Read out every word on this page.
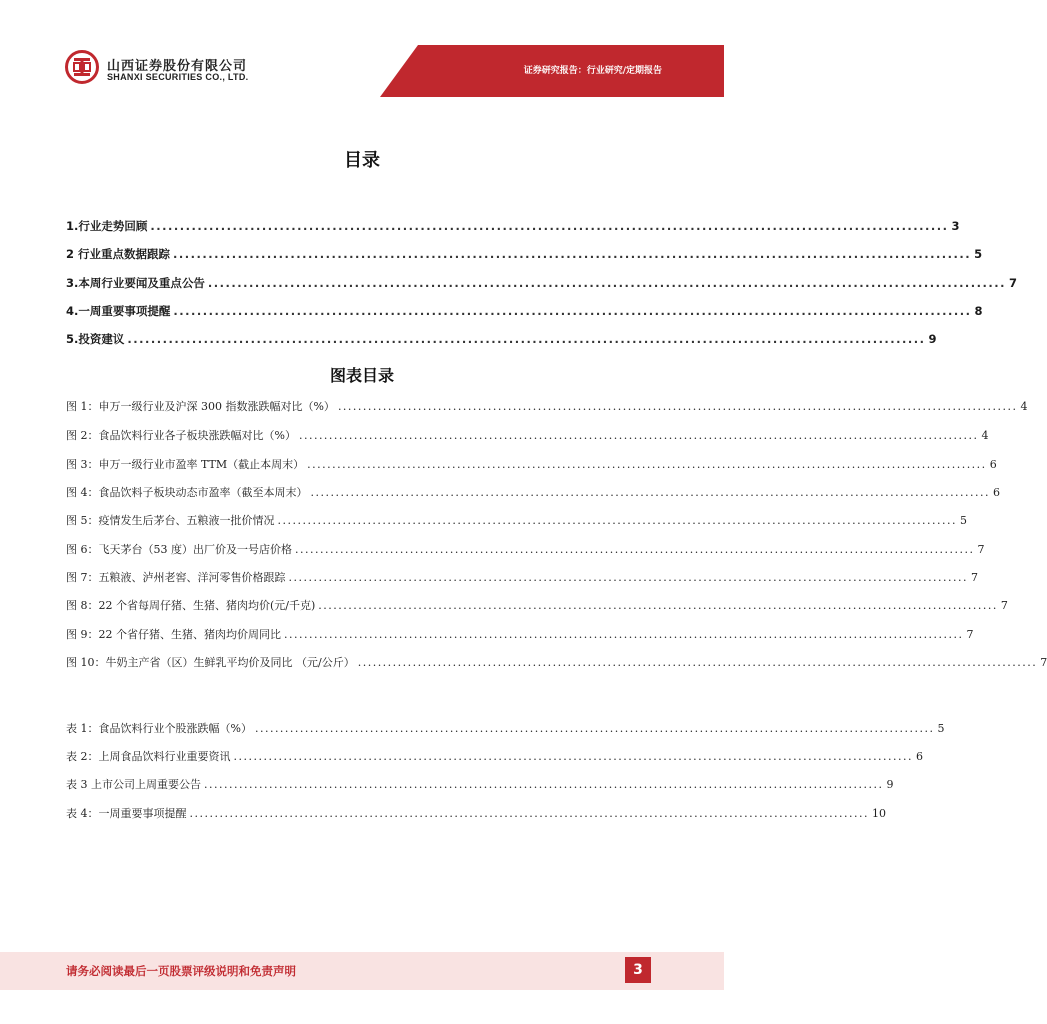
山西证券股份有限公司
SHANXI SECURITIES CO., LTD.
证券研究报告：行业研究/定期报告
目录
1.行业走势回顾 ........................................................................................................................................ 3
2 行业重点数据跟踪 ........................................................................................................................................ 5
3.本周行业要闻及重点公告 ........................................................................................................................................ 7
4.一周重要事项提醒 ........................................................................................................................................ 8
5.投资建议 ........................................................................................................................................ 9
图表目录
图 1：申万一级行业及沪深 300 指数涨跌幅对比（%） ........................................................................................................................................ 4
图 2：食品饮料行业各子板块涨跌幅对比（%） ........................................................................................................................................ 4
图 3：申万一级行业市盈率 TTM（截止本周末） ........................................................................................................................................ 6
图 4：食品饮料子板块动态市盈率（截至本周末） ........................................................................................................................................ 6
图 5：疫情发生后茅台、五粮液一批价情况 ........................................................................................................................................ 5
图 6：飞天茅台（53 度）出厂价及一号店价格 ........................................................................................................................................ 7
图 7：五粮液、泸州老窖、洋河零售价格跟踪 ........................................................................................................................................ 7
图 8：22 个省每周仔猪、生猪、猪肉均价(元/千克) ........................................................................................................................................ 7
图 9：22 个省仔猪、生猪、猪肉均价周同比 ........................................................................................................................................ 7
图 10：牛奶主产省（区）生鲜乳平均价及同比 （元/公斤） ........................................................................................................................................ 7
表 1：食品饮料行业个股涨跌幅（%） ........................................................................................................................................ 5
表 2：上周食品饮料行业重要资讯 ........................................................................................................................................ 6
表 3 上市公司上周重要公告 ........................................................................................................................................ 9
表 4：一周重要事项提醒 ........................................................................................................................................ 10
请务必阅读最后一页股票评级说明和免责声明	3
